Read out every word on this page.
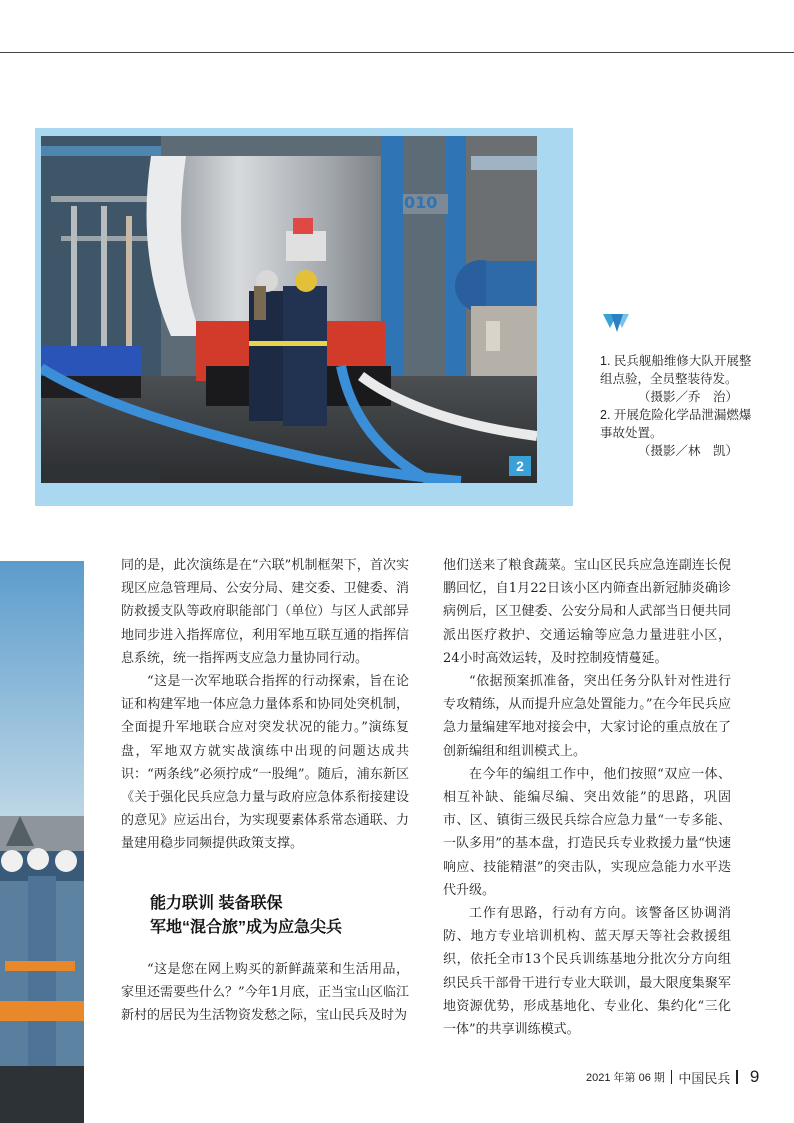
010
2

1. 民兵舰船维修大队开展整组点验，全员整装待发。

（摄影／乔　治）

2. 开展危险化学品泄漏燃爆事故处置。

（摄影／林　凯）

同的是，此次演练是在“六联”机制框架下，首次实现区应急管理局、公安分局、建交委、卫健委、消防救援支队等政府职能部门（单位）与区人武部异地同步进入指挥席位，利用军地互联互通的指挥信息系统，统一指挥两支应急力量协同行动。

“这是一次军地联合指挥的行动探索，旨在论证和构建军地一体应急力量体系和协同处突机制，全面提升军地联合应对突发状况的能力。”演练复盘，军地双方就实战演练中出现的问题达成共识：“两条线”必须拧成“一股绳”。随后，浦东新区《关于强化民兵应急力量与政府应急体系衔接建设的意见》应运出台，为实现要素体系常态通联、力量建用稳步同频提供政策支撑。

能力联训 装备联保
军地“混合旅”成为应急尖兵

“这是您在网上购买的新鲜蔬菜和生活用品，家里还需要些什么？”今年1月底，正当宝山区临江新村的居民为生活物资发愁之际，宝山民兵及时为

他们送来了粮食蔬菜。宝山区民兵应急连副连长倪鹏回忆，自1月22日该小区内筛查出新冠肺炎确诊病例后，区卫健委、公安分局和人武部当日便共同派出医疗救护、交通运输等应急力量进驻小区，24小时高效运转，及时控制疫情蔓延。

“依据预案抓准备，突出任务分队针对性进行专攻精练，从而提升应急处置能力。”在今年民兵应急力量编建军地对接会中，大家讨论的重点放在了创新编组和组训模式上。

在今年的编组工作中，他们按照“双应一体、相互补缺、能编尽编、突出效能”的思路，巩固市、区、镇街三级民兵综合应急力量“一专多能、一队多用”的基本盘，打造民兵专业救援力量“快速响应、技能精湛”的突击队，实现应急能力水平迭代升级。

工作有思路，行动有方向。该警备区协调消防、地方专业培训机构、蓝天厚天等社会救援组织，依托全市13个民兵训练基地分批次分方向组织民兵干部骨干进行专业大联训，最大限度集聚军地资源优势，形成基地化、专业化、集约化“三化一体”的共享训练模式。

2021 年第 06 期 中国民兵 9
